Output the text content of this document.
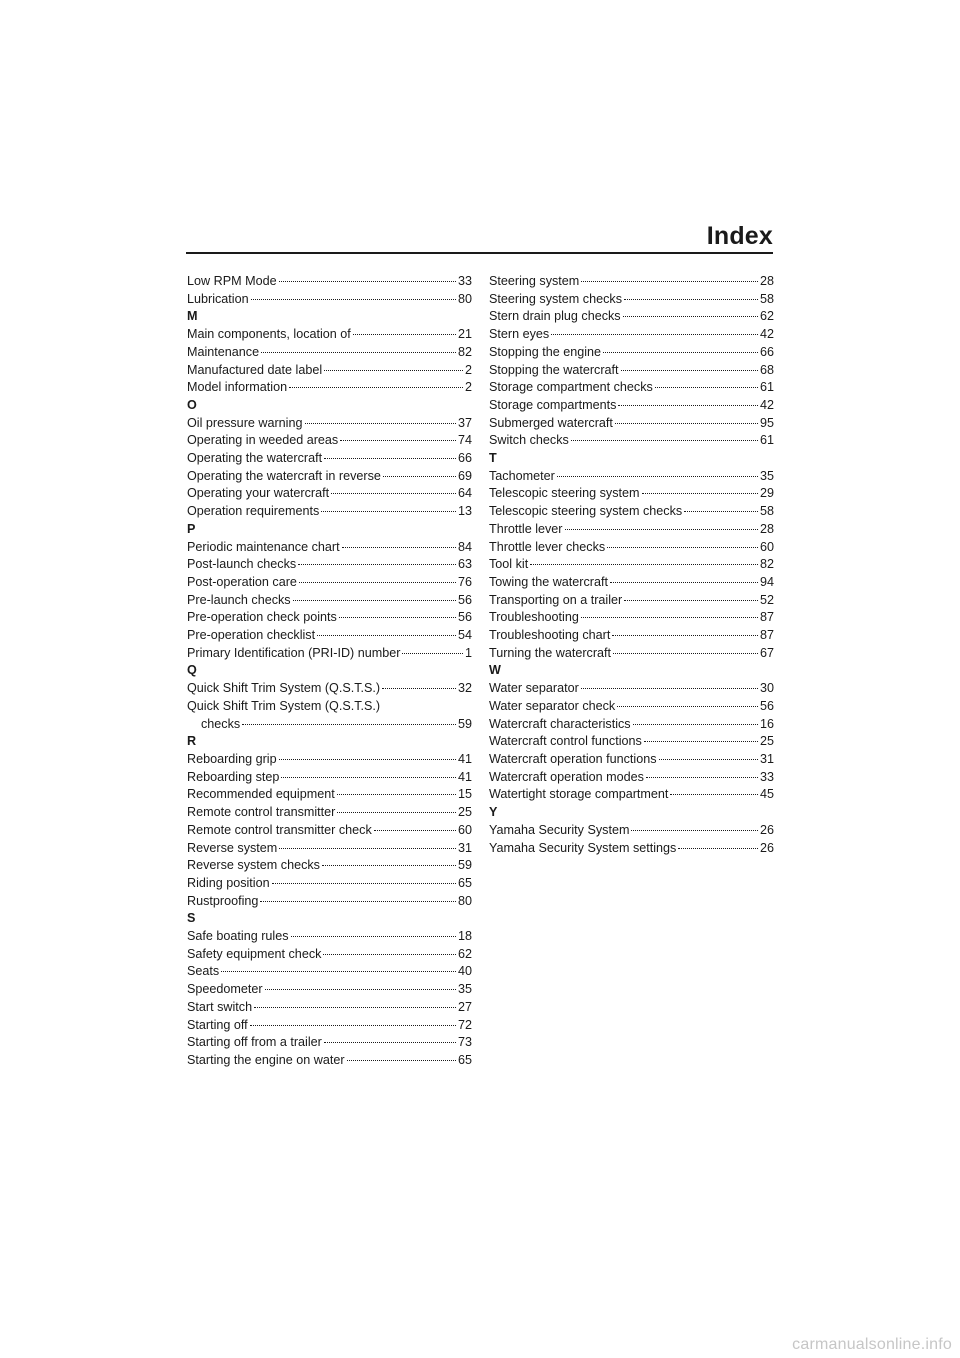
Index
Low RPM Mode	33
Lubrication	80
M
Main components, location of	21
Maintenance	82
Manufactured date label	2
Model information	2
O
Oil pressure warning	37
Operating in weeded areas	74
Operating the watercraft	66
Operating the watercraft in reverse	69
Operating your watercraft	64
Operation requirements	13
P
Periodic maintenance chart	84
Post-launch checks	63
Post-operation care	76
Pre-launch checks	56
Pre-operation check points	56
Pre-operation checklist	54
Primary Identification (PRI-ID) number	1
Q
Quick Shift Trim System (Q.S.T.S.)	32
Quick Shift Trim System (Q.S.T.S.)
checks	59
R
Reboarding grip	41
Reboarding step	41
Recommended equipment	15
Remote control transmitter	25
Remote control transmitter check	60
Reverse system	31
Reverse system checks	59
Riding position	65
Rustproofing	80
S
Safe boating rules	18
Safety equipment check	62
Seats	40
Speedometer	35
Start switch	27
Starting off	72
Starting off from a trailer	73
Starting the engine on water	65
Steering system	28
Steering system checks	58
Stern drain plug checks	62
Stern eyes	42
Stopping the engine	66
Stopping the watercraft	68
Storage compartment checks	61
Storage compartments	42
Submerged watercraft	95
Switch checks	61
T
Tachometer	35
Telescopic steering system	29
Telescopic steering system checks	58
Throttle lever	28
Throttle lever checks	60
Tool kit	82
Towing the watercraft	94
Transporting on a trailer	52
Troubleshooting	87
Troubleshooting chart	87
Turning the watercraft	67
W
Water separator	30
Water separator check	56
Watercraft characteristics	16
Watercraft control functions	25
Watercraft operation functions	31
Watercraft operation modes	33
Watertight storage compartment	45
Y
Yamaha Security System	26
Yamaha Security System settings	26
carmanualsonline.info
